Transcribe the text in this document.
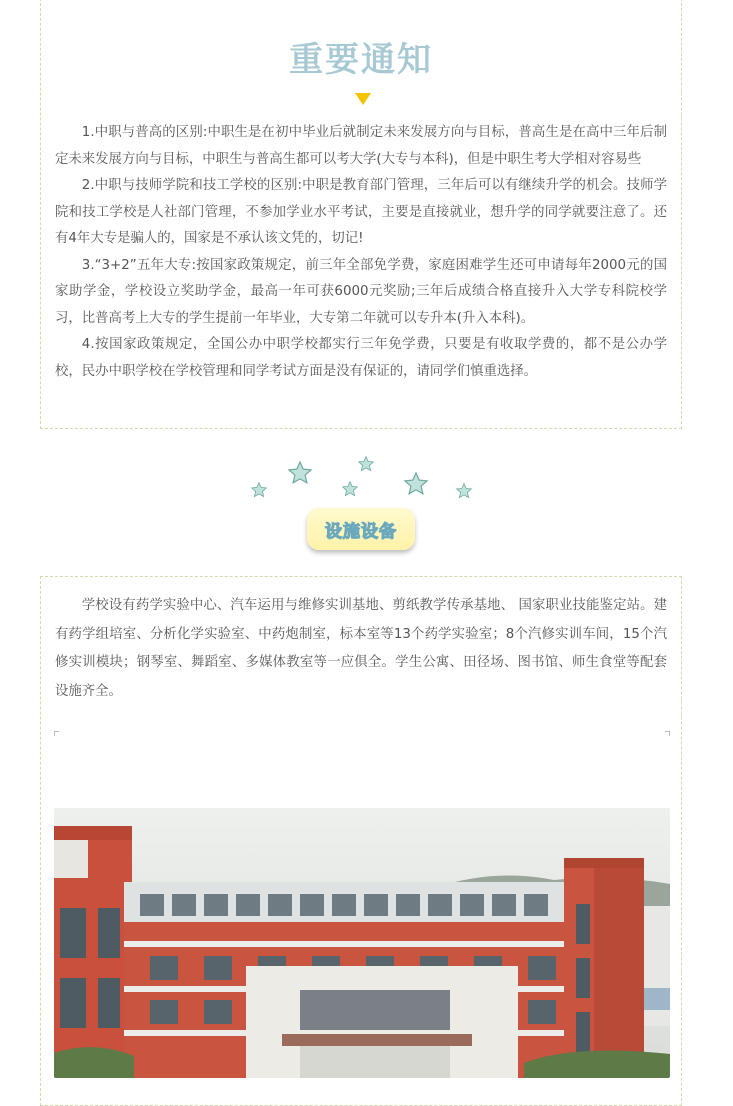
重要通知

1.中职与普高的区别:中职生是在初中毕业后就制定未来发展方向与目标，普高生是在高中三年后制定未来发展方向与目标，中职生与普高生都可以考大学(大专与本科)，但是中职生考大学相对容易些

2.中职与技师学院和技工学校的区别:中职是教育部门管理，三年后可以有继续升学的机会。技师学院和技工学校是人社部门管理，不参加学业水平考试，主要是直接就业，想升学的同学就要注意了。还有4年大专是骗人的，国家是不承认该文凭的，切记!

3.“3+2”五年大专:按国家政策规定，前三年全部免学费，家庭困难学生还可申请每年2000元的国家助学金，学校设立奖助学金，最高一年可获6000元奖励;三年后成绩合格直接升入大学专科院校学习，比普高考上大专的学生提前一年毕业，大专第二年就可以专升本(升入本科)。

4.按国家政策规定，全国公办中职学校都实行三年免学费，只要是有收取学费的，都不是公办学校，民办中职学校在学校管理和同学考试方面是没有保证的，请同学们慎重选择。

设施设备

学校设有药学实验中心、汽车运用与维修实训基地、剪纸教学传承基地、 国家职业技能鉴定站。建有药学组培室、分析化学实验室、中药炮制室，标本室等13个药学实验室；8个汽修实训车间，15个汽修实训模块；钢琴室、舞蹈室、多媒体教室等一应俱全。学生公寓、田径场、图书馆、师生食堂等配套设施齐全。
